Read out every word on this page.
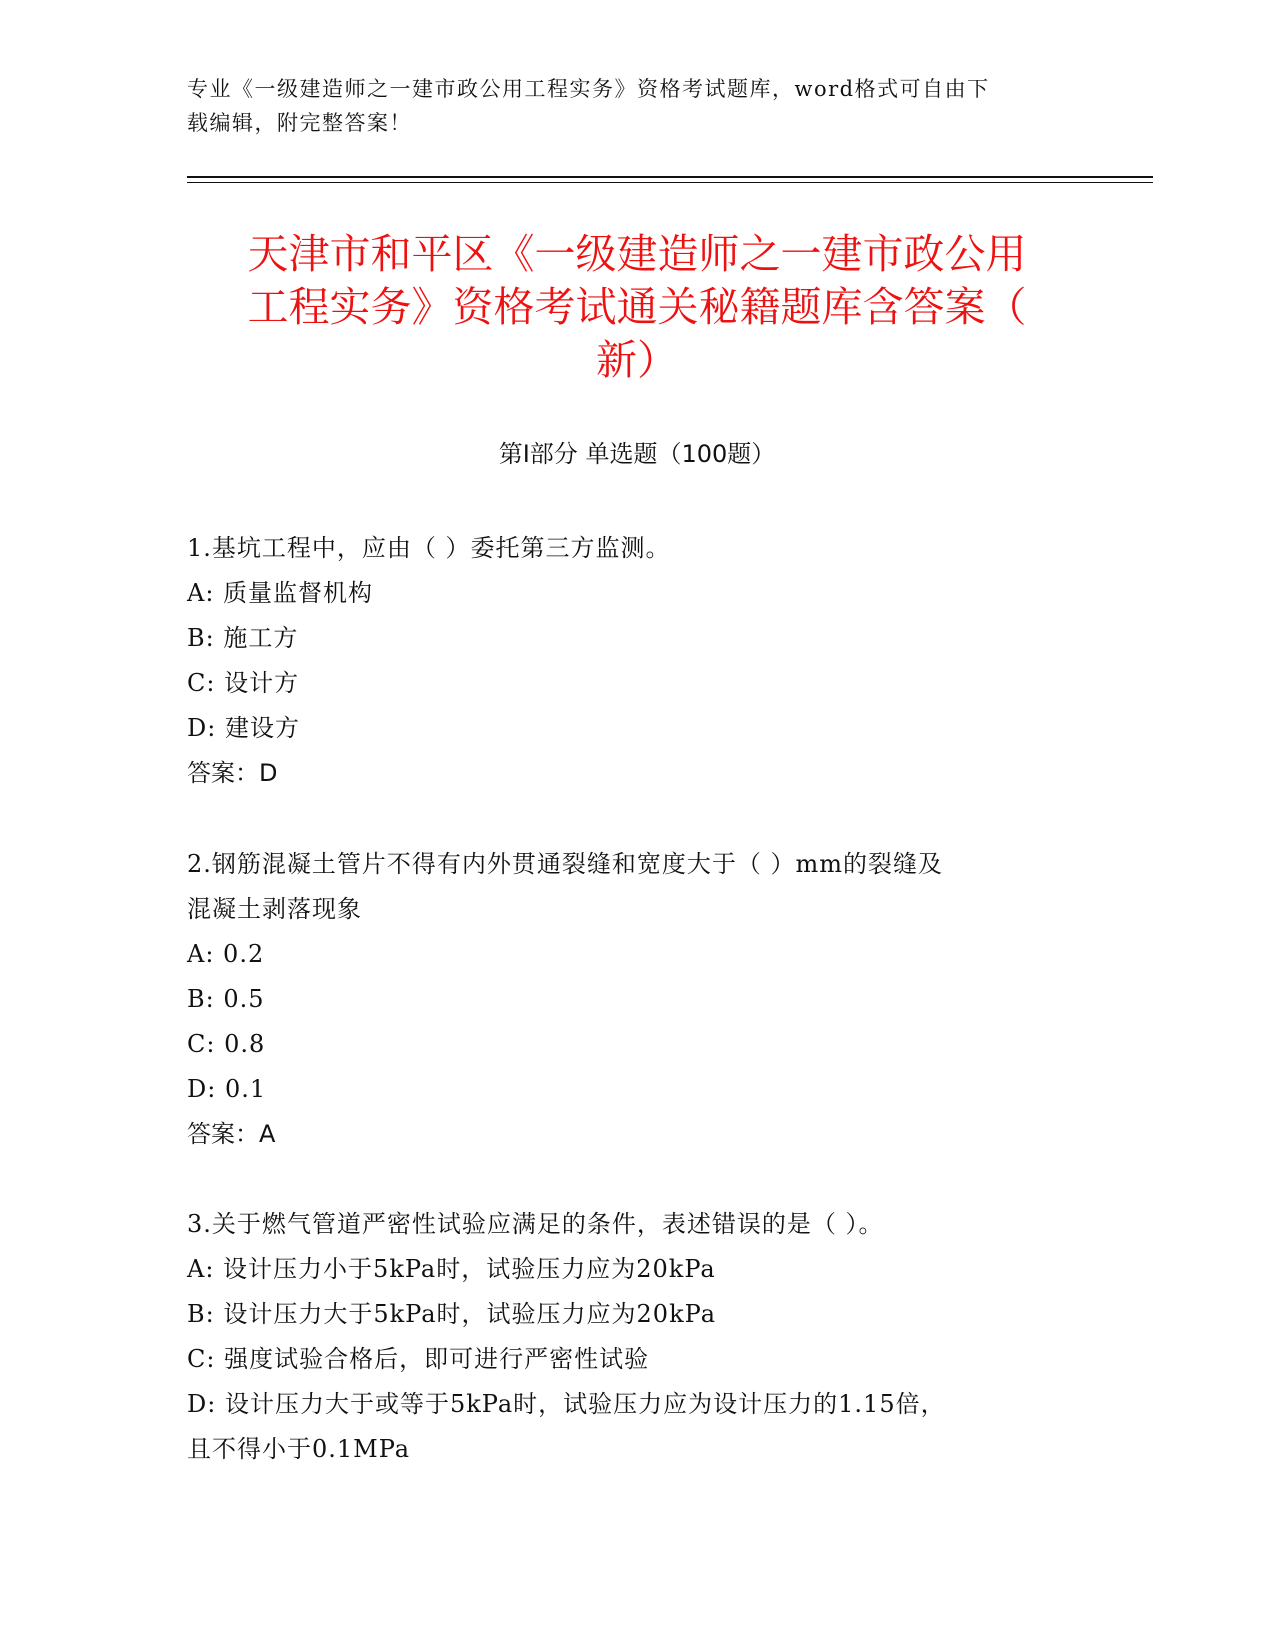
专业《一级建造师之一建市政公用工程实务》资格考试题库，word格式可自由下
载编辑，附完整答案！
天津市和平区《一级建造师之一建市政公用
工程实务》资格考试通关秘籍题库含答案（
新）
第Ⅰ部分 单选题（100题）
1.基坑工程中，应由（ ）委托第三方监测。
A: 质量监督机构
B: 施工方
C: 设计方
D: 建设方
答案：D
2.钢筋混凝土管片不得有内外贯通裂缝和宽度大于（ ）mm的裂缝及
混凝土剥落现象
A: 0.2
B: 0.5
C: 0.8
D: 0.1
答案：A
3.关于燃气管道严密性试验应满足的条件，表述错误的是（ ）。
A: 设计压力小于5kPa时，试验压力应为20kPa
B: 设计压力大于5kPa时，试验压力应为20kPa
C: 强度试验合格后，即可进行严密性试验
D: 设计压力大于或等于5kPa时，试验压力应为设计压力的1.15倍，
且不得小于0.1MPa
